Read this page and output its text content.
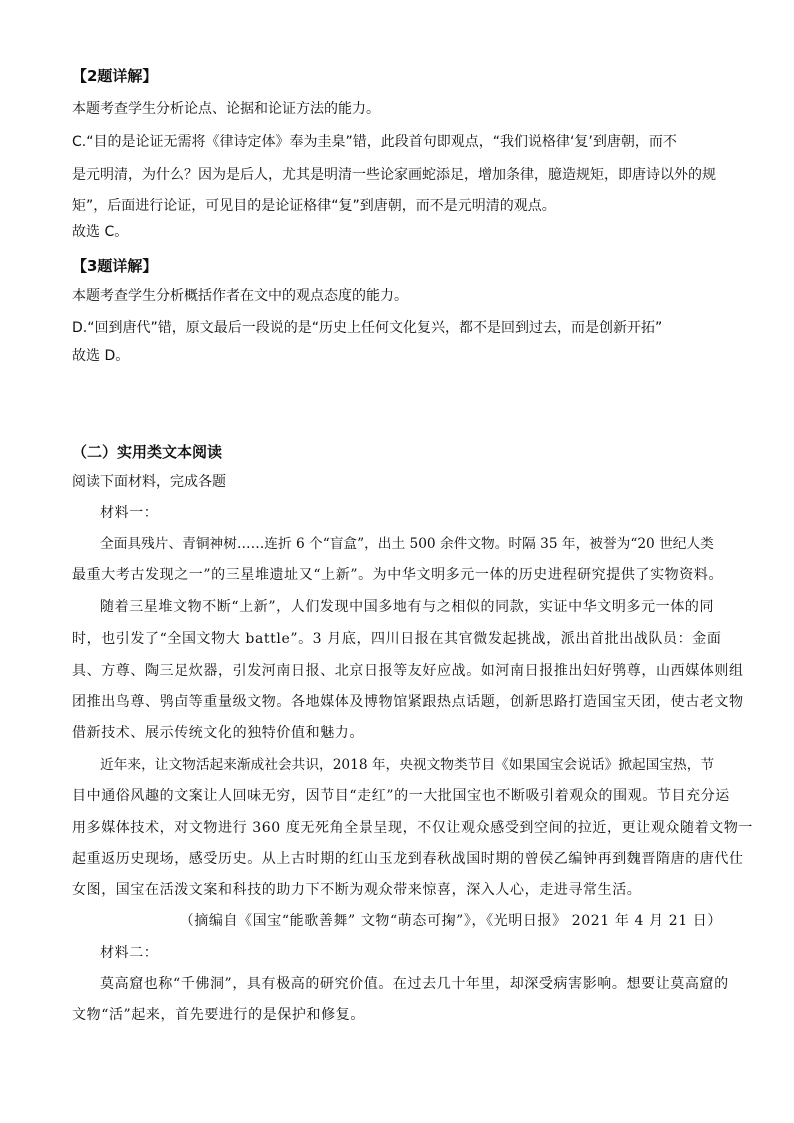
【2题详解】
本题考查学生分析论点、论据和论证方法的能力。
C.“目的是论证无需将《律诗定体》奉为圭臬”错，此段首句即观点，“我们说格律‘复’到唐朝，而不
是元明清，为什么？因为是后人，尤其是明清一些论家画蛇添足，增加条律，臆造规矩，即唐诗以外的规
矩”，后面进行论证，可见目的是论证格律“复”到唐朝，而不是元明清的观点。
故选 C。
【3题详解】
本题考查学生分析概括作者在文中的观点态度的能力。
D.“回到唐代”错，原文最后一段说的是“历史上任何文化复兴，都不是回到过去，而是创新开拓”
故选 D。
（二）实用类文本阅读
阅读下面材料，完成各题
材料一：
全面具残片、青铜神树……连折 6 个“盲盒”，出土 500 余件文物。时隔 35 年，被誉为“20 世纪人类
最重大考古发现之一”的三星堆遗址又“上新”。为中华文明多元一体的历史进程研究提供了实物资料。
随着三星堆文物不断“上新”，人们发现中国多地有与之相似的同款，实证中华文明多元一体的同
时，也引发了“全国文物大 battle”。3 月底，四川日报在其官微发起挑战，派出首批出战队员：金面
具、方尊、陶三足炊器，引发河南日报、北京日报等友好应战。如河南日报推出妇好鸮尊，山西媒体则组
团推出鸟尊、鸮卣等重量级文物。各地媒体及博物馆紧跟热点话题，创新思路打造国宝天团，使古老文物
借新技术、展示传统文化的独特价值和魅力。
近年来，让文物活起来渐成社会共识，2018 年，央视文物类节目《如果国宝会说话》掀起国宝热，节
目中通俗风趣的文案让人回味无穷，因节目“走红”的一大批国宝也不断吸引着观众的围观。节目充分运
用多媒体技术，对文物进行 360 度无死角全景呈现，不仅让观众感受到空间的拉近，更让观众随着文物一
起重返历史现场，感受历史。从上古时期的红山玉龙到春秋战国时期的曾侯乙编钟再到魏晋隋唐的唐代仕
女图，国宝在活泼文案和科技的助力下不断为观众带来惊喜，深入人心，走进寻常生活。
（摘编自《国宝“能歌善舞” 文物“萌态可掬”》，《光明日报》 2021 年 4 月 21 日）
材料二：
莫高窟也称“千佛洞”，具有极高的研究价值。在过去几十年里，却深受病害影响。想要让莫高窟的
文物“活”起来，首先要进行的是保护和修复。
